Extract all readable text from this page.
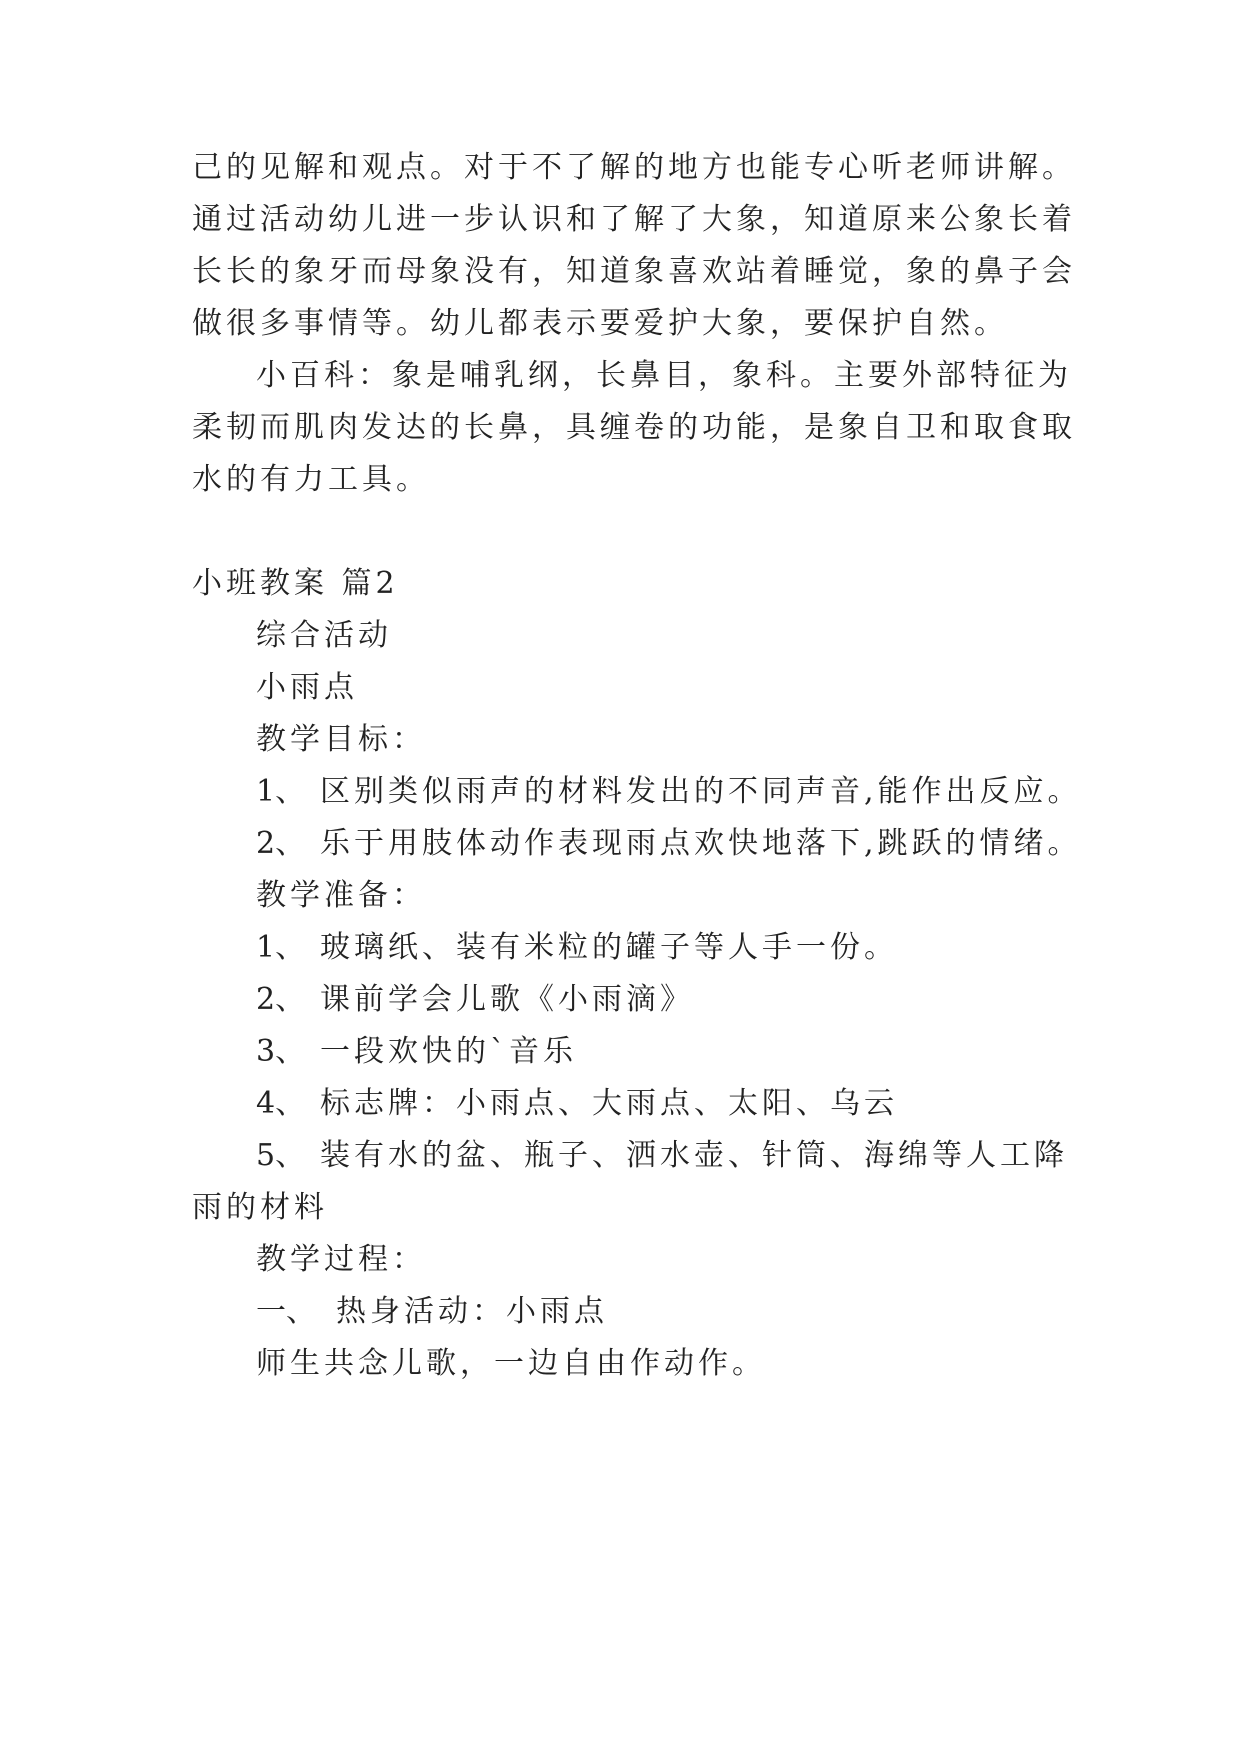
己的见解和观点。对于不了解的地方也能专心听老师讲解。

通过活动幼儿进一步认识和了解了大象，知道原来公象长着

长长的象牙而母象没有，知道象喜欢站着睡觉，象的鼻子会

做很多事情等。幼儿都表示要爱护大象，要保护自然。

小百科：象是哺乳纲，长鼻目，象科。主要外部特征为

柔韧而肌肉发达的长鼻，具缠卷的功能，是象自卫和取食取

水的有力工具。

小班教案 篇2

综合活动

小雨点

教学目标：

1、 区别类似雨声的材料发出的不同声音,能作出反应。

2、 乐于用肢体动作表现雨点欢快地落下,跳跃的情绪。

教学准备：

1、 玻璃纸、装有米粒的罐子等人手一份。

2、 课前学会儿歌《小雨滴》

3、 一段欢快的`音乐

4、 标志牌：小雨点、大雨点、太阳、乌云

5、 装有水的盆、瓶子、洒水壶、针筒、海绵等人工降

雨的材料

教学过程：

一、 热身活动：小雨点

师生共念儿歌，一边自由作动作。
